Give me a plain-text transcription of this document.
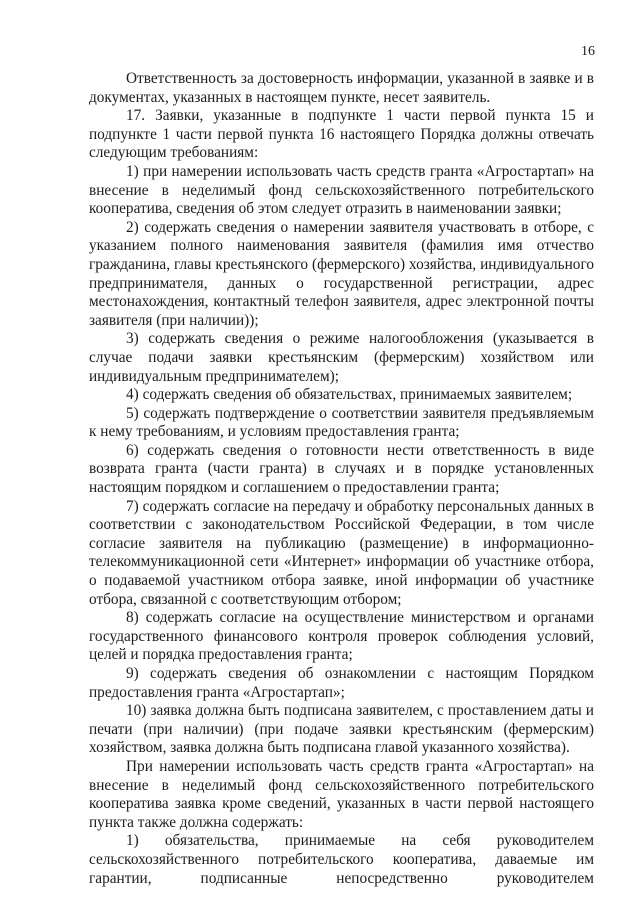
16

Ответственность за достоверность информации, указанной в заявке и в документах, указанных в настоящем пункте, несет заявитель.

17. Заявки, указанные в подпункте 1 части первой пункта 15 и подпункте 1 части первой пункта 16 настоящего Порядка должны отвечать следующим требованиям:

1) при намерении использовать часть средств гранта «Агростартап» на внесение в неделимый фонд сельскохозяйственного потребительского кооператива, сведения об этом следует отразить в наименовании заявки;

2) содержать сведения о намерении заявителя участвовать в отборе, с указанием полного наименования заявителя (фамилия имя отчество гражданина, главы крестьянского (фермерского) хозяйства, индивидуального предпринимателя, данных о государственной регистрации, адрес местонахождения, контактный телефон заявителя, адрес электронной почты заявителя (при наличии));

3) содержать сведения о режиме налогообложения (указывается в случае подачи заявки крестьянским (фермерским) хозяйством или индивидуальным предпринимателем);

4) содержать сведения об обязательствах, принимаемых заявителем;

5) содержать подтверждение о соответствии заявителя предъявляемым к нему требованиям, и условиям предоставления гранта;

6) содержать сведения о готовности нести ответственность в виде возврата гранта (части гранта) в случаях и в порядке установленных настоящим порядком и соглашением о предоставлении гранта;

7) содержать согласие на передачу и обработку персональных данных в соответствии с законодательством Российской Федерации, в том числе согласие заявителя на публикацию (размещение) в информационно-телекоммуникационной сети «Интернет» информации об участнике отбора, о подаваемой участником отбора заявке, иной информации об участнике отбора, связанной с соответствующим отбором;

8) содержать согласие на осуществление министерством и органами государственного финансового контроля проверок соблюдения условий, целей и порядка предоставления гранта;

9) содержать сведения об ознакомлении с настоящим Порядком предоставления гранта «Агростартап»;

10) заявка должна быть подписана заявителем, с проставлением даты и печати (при наличии) (при подаче заявки крестьянским (фермерским) хозяйством, заявка должна быть подписана главой указанного хозяйства).

При намерении использовать часть средств гранта «Агростартап» на внесение в неделимый фонд сельскохозяйственного потребительского кооператива заявка кроме сведений, указанных в части первой настоящего пункта также должна содержать:

1) обязательства, принимаемые на себя руководителем сельскохозяйственного потребительского кооператива, даваемые им гарантии, подписанные непосредственно руководителем
